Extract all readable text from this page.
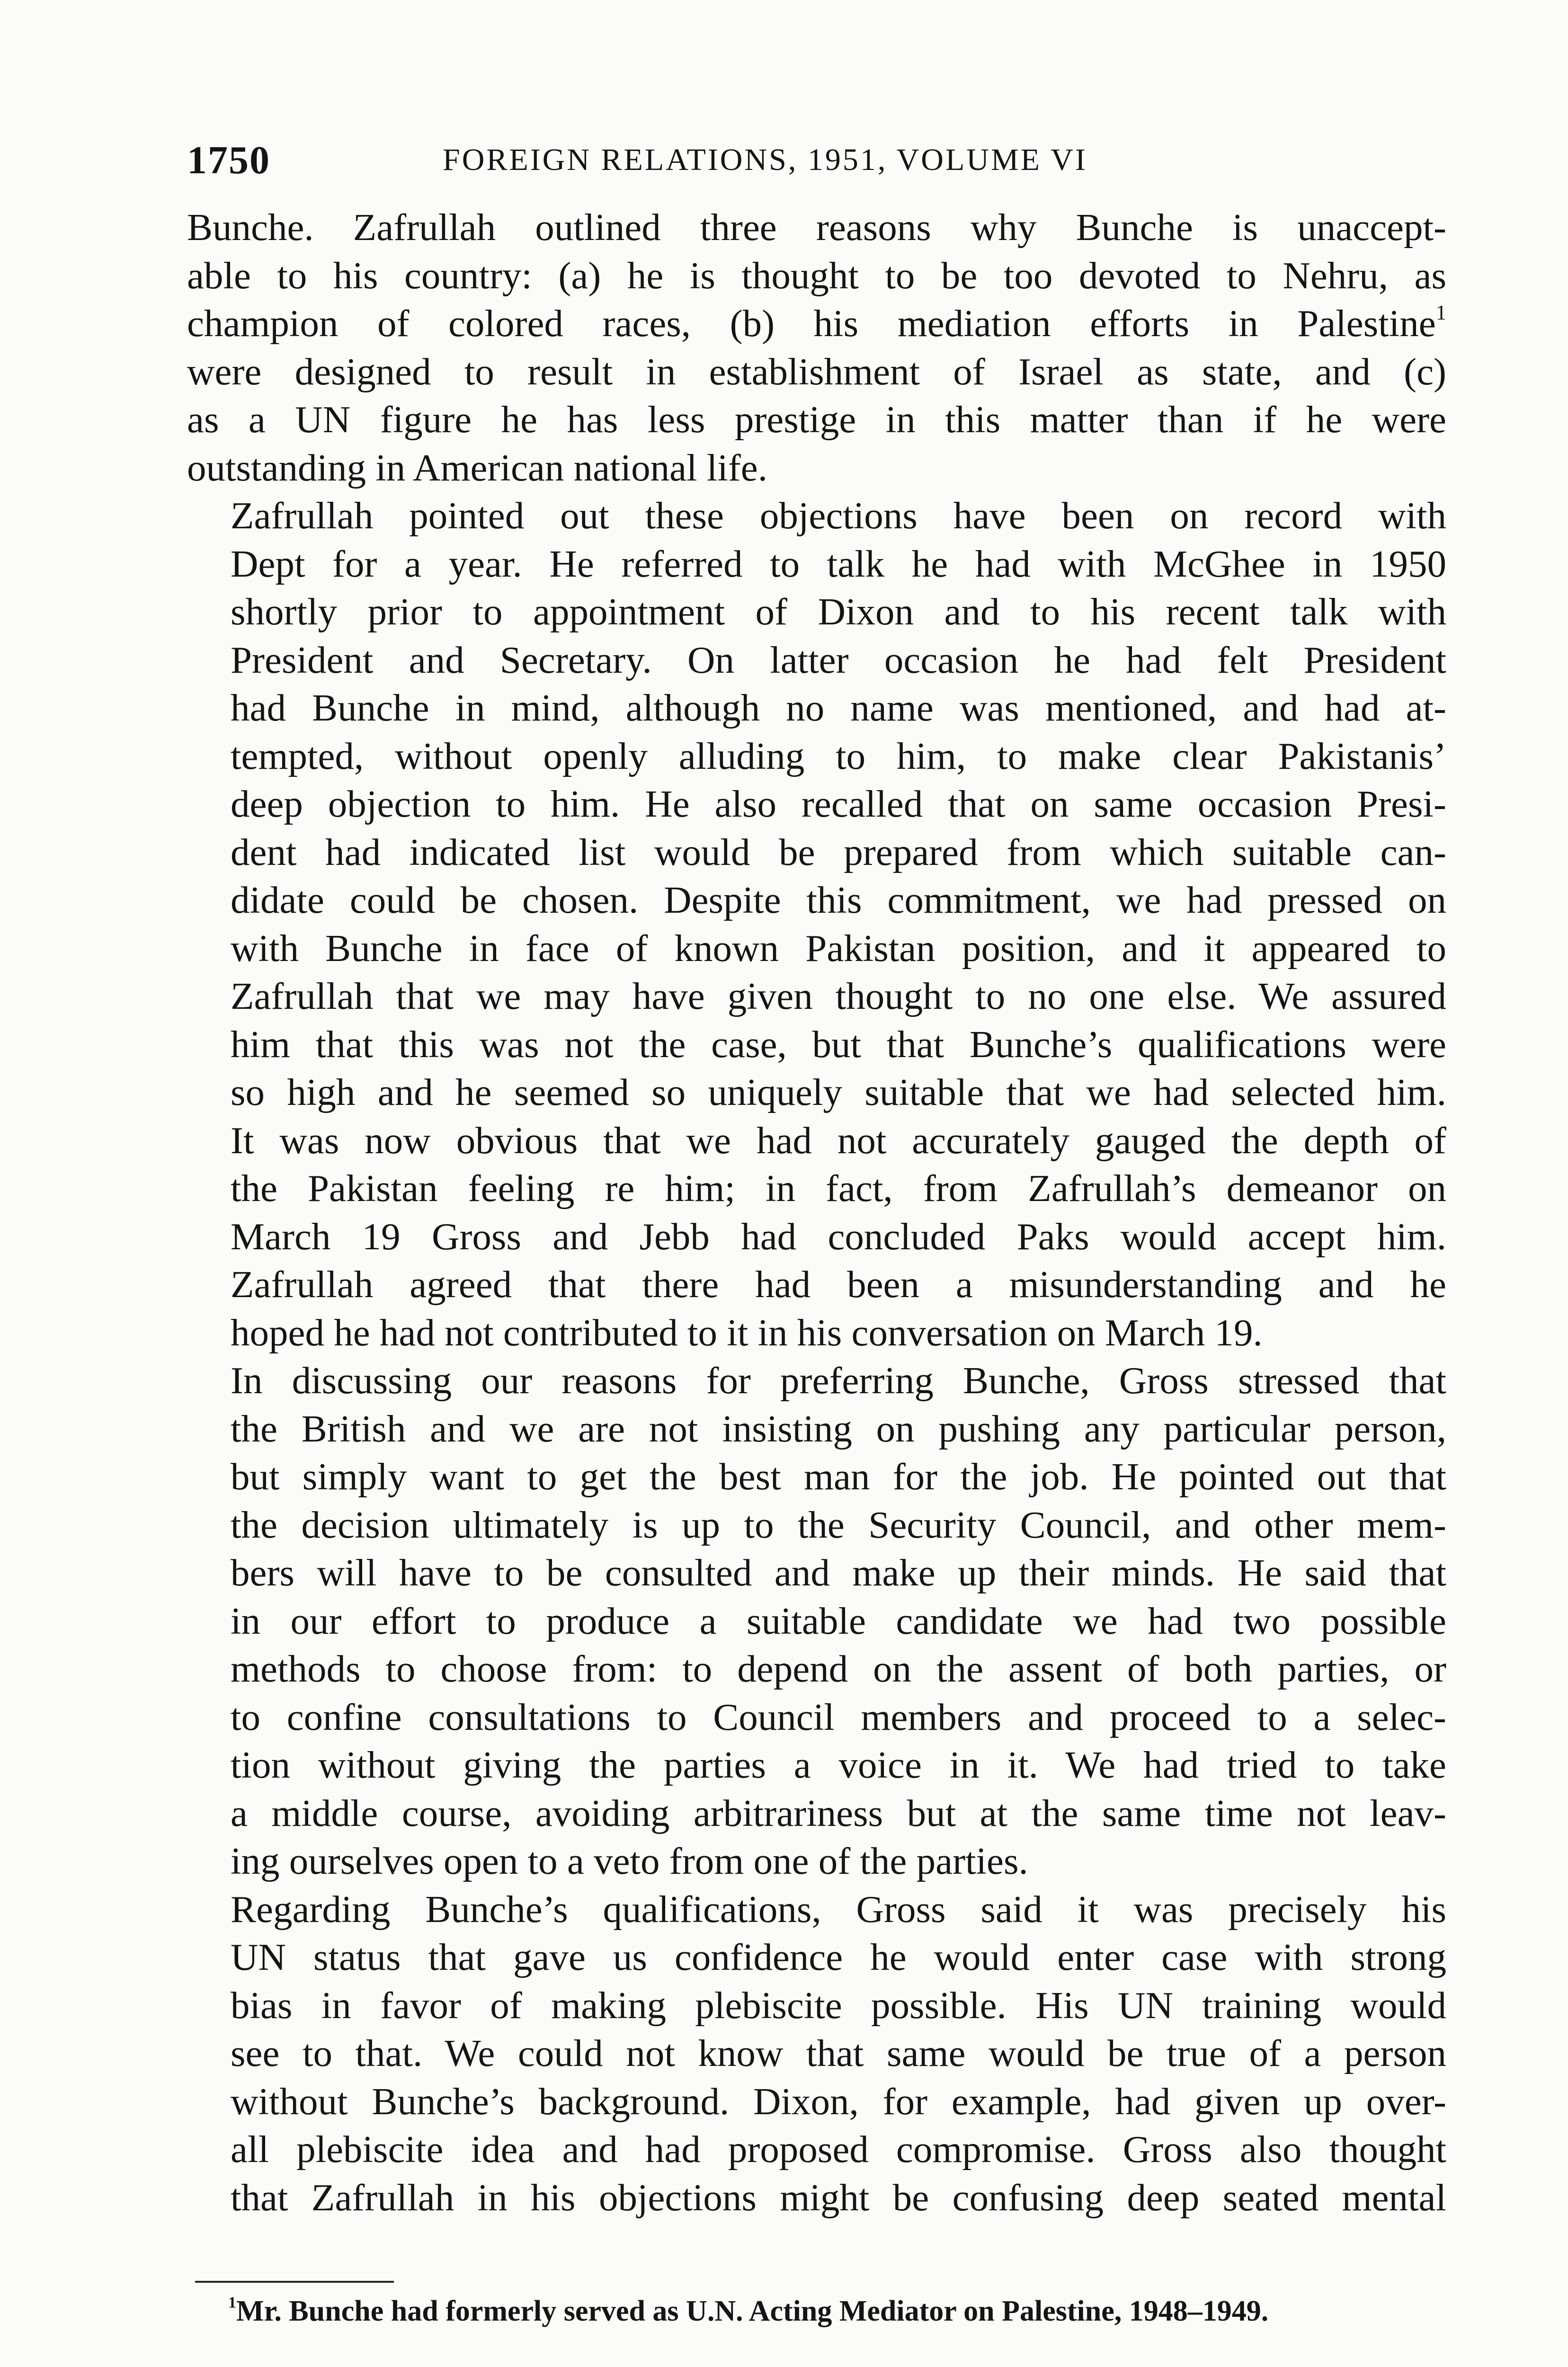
1750	FOREIGN RELATIONS, 1951, VOLUME VI

Bunche. Zafrullah outlined three reasons why Bunche is unaccept-
able to his country: (a) he is thought to be too devoted to Nehru, as
champion of colored races, (b) his mediation efforts in Palestine$^1$
were designed to result in establishment of Israel as state, and (c)
as a UN figure he has less prestige in this matter than if he were
outstanding in American national life.

Zafrullah pointed out these objections have been on record with
Dept for a year. He referred to talk he had with McGhee in 1950
shortly prior to appointment of Dixon and to his recent talk with
President and Secretary. On latter occasion he had felt President
had Bunche in mind, although no name was mentioned, and had at-
tempted, without openly alluding to him, to make clear Pakistanis’
deep objection to him. He also recalled that on same occasion Presi-
dent had indicated list would be prepared from which suitable can-
didate could be chosen. Despite this commitment, we had pressed on
with Bunche in face of known Pakistan position, and it appeared to
Zafrullah that we may have given thought to no one else. We assured
him that this was not the case, but that Bunche’s qualifications were
so high and he seemed so uniquely suitable that we had selected him.
It was now obvious that we had not accurately gauged the depth of
the Pakistan feeling re him; in fact, from Zafrullah’s demeanor on
March 19 Gross and Jebb had concluded Paks would accept him.
Zafrullah agreed that there had been a misunderstanding and he
hoped he had not contributed to it in his conversation on March 19.

In discussing our reasons for preferring Bunche, Gross stressed that
the British and we are not insisting on pushing any particular person,
but simply want to get the best man for the job. He pointed out that
the decision ultimately is up to the Security Council, and other mem-
bers will have to be consulted and make up their minds. He said that
in our effort to produce a suitable candidate we had two possible
methods to choose from: to depend on the assent of both parties, or
to confine consultations to Council members and proceed to a selec-
tion without giving the parties a voice in it. We had tried to take
a middle course, avoiding arbitrariness but at the same time not leav-
ing ourselves open to a veto from one of the parties.

Regarding Bunche’s qualifications, Gross said it was precisely his
UN status that gave us confidence he would enter case with strong
bias in favor of making plebiscite possible. His UN training would
see to that. We could not know that same would be true of a person
without Bunche’s background. Dixon, for example, had given up over-
all plebiscite idea and had proposed compromise. Gross also thought
that Zafrullah in his objections might be confusing deep seated mental

$^1$Mr. Bunche had formerly served as U.N. Acting Mediator on Palestine, 1948–1949.
